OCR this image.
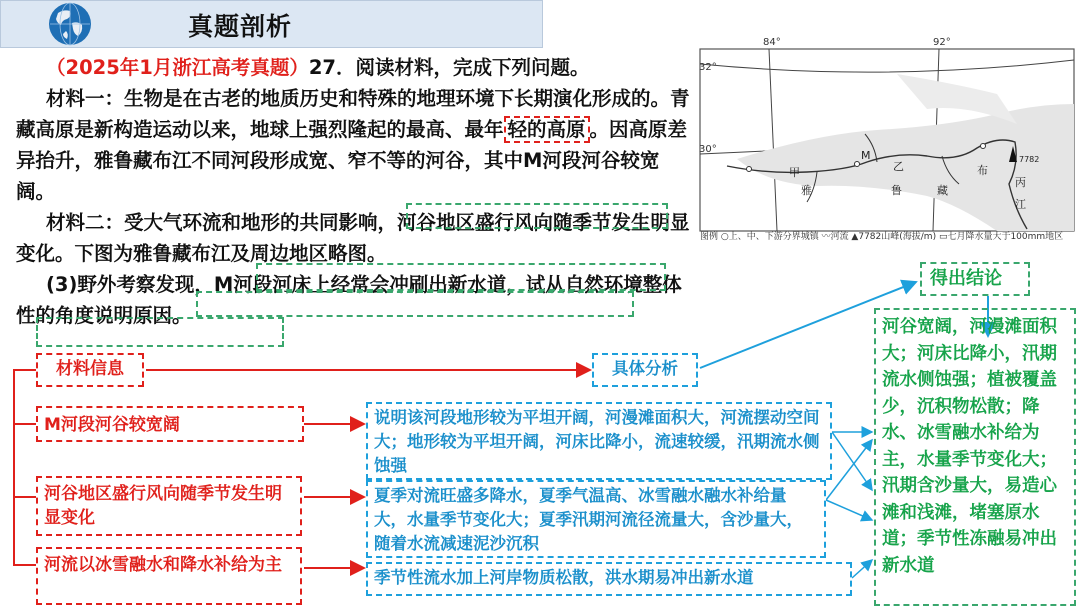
真题剖析

（2025年1月浙江高考真题）27．阅读材料，完成下列问题。

材料一：生物是在古老的地质历史和特殊的地理环境下长期演化形成的。青藏高原是新构造运动以来，地球上强烈隆起的最高、最年 轻的高原 。因高原差异抬升，雅鲁藏布江不同河段形成宽、窄不等的河谷，其中M河段河谷较宽阔。

材料二：受大气环流和地形的共同影响，河谷地区盛行风向随季节发生明显变化。下图为雅鲁藏布江及周边地区略图。

(3)野外考察发现，M河段河床上经常会冲刷出新水道，试从自然环境整体性的角度说明原因。

84°	92°
32°
30°
甲
雅
M
乙
鲁	藏
布
丙
江
7782
图例 ○上、中、下游分界城镇 〰河流 ▲7782山峰(海拔/m) ▭七月降水量大于100mm地区
材料信息
M河段河谷较宽阔
河谷地区盛行风向随季节发生明显变化
河流以冰雪融水和降水补给为主
具体分析
说明该河段地形较为平坦开阔，河漫滩面积大，河流摆动空间大；地形较为平坦开阔，河床比降小，流速较缓，汛期流水侧蚀强
夏季对流旺盛多降水，夏季气温高、冰雪融水融水补给量大，水量季节变化大；夏季汛期河流径流量大，含沙量大，随着水流减速泥沙沉积
季节性流水加上河岸物质松散，洪水期易冲出新水道
得出结论
河谷宽阔，河漫滩面积大；河床比降小，汛期流水侧蚀强；植被覆盖少，沉积物松散；降水、冰雪融水补给为主，水量季节变化大；汛期含沙量大，易造心滩和浅滩，堵塞原水道；季节性冻融易冲出新水道
